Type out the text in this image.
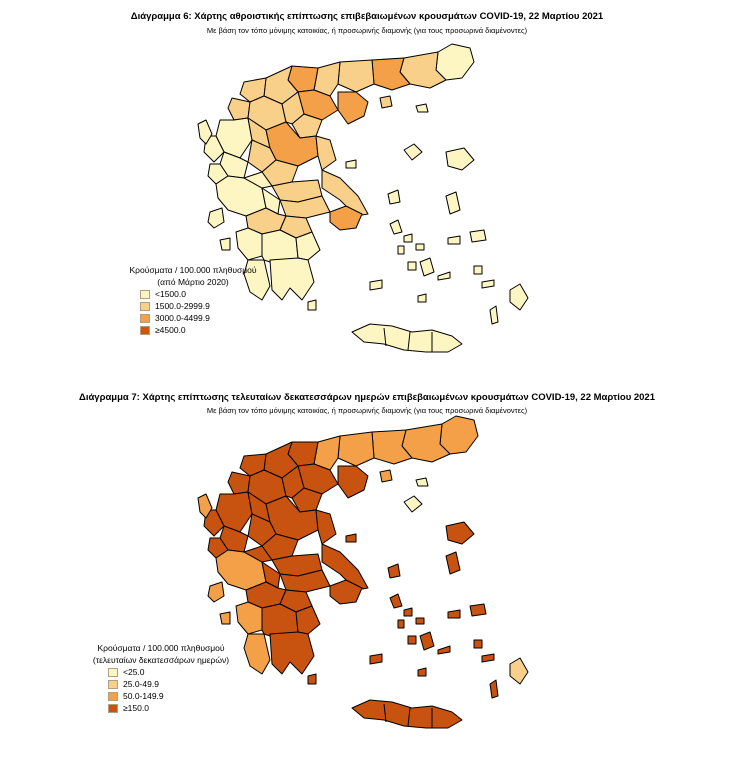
Διάγραμμα 6: Χάρτης αθροιστικής επίπτωσης επιβεβαιωμένων κρουσμάτων COVID-19, 22 Μαρτίου 2021
Με βάση τον τόπο μόνιμης κατοικίας, ή προσωρινής διαμονής (για τους προσωρινά διαμένοντες)
Κρούσματα / 100.000 πληθυσμού
(από Μάρτιο 2020)
<1500.0
1500.0-2999.9
3000.0-4499.9
≥4500.0
Διάγραμμα 7: Χάρτης επίπτωσης τελευταίων δεκατεσσάρων ημερών επιβεβαιωμένων κρουσμάτων COVID-19, 22 Μαρτίου 2021
Με βάση τον τόπο μόνιμης κατοικίας, ή προσωρινής διαμονής (για τους προσωρινά διαμένοντες)
Κρούσματα / 100.000 πληθυσμού
(τελευταίων δεκατεσσάρων ημερών)
<25.0
25.0-49.9
50.0-149.9
≥150.0
